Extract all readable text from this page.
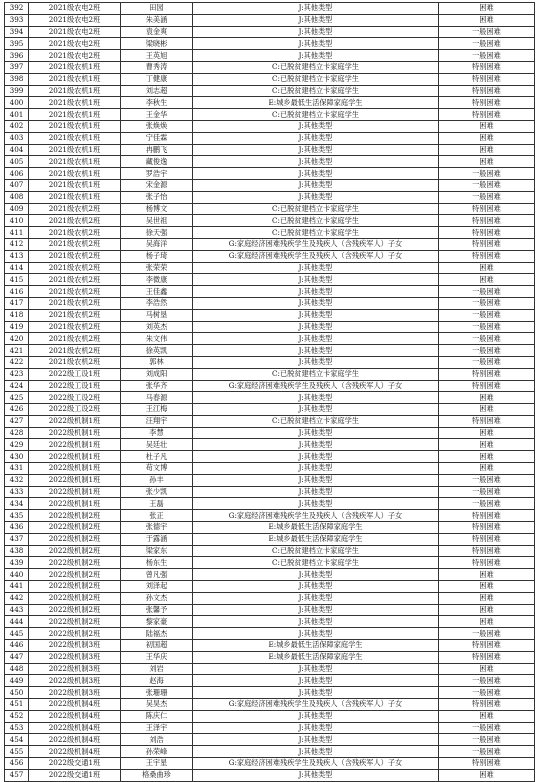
392	2021级农电2班	田园	J:其他类型	困难
393	2021级农电2班	朱美涵	J:其他类型	困难
394	2021级农电2班	袁金爽	J:其他类型	一般困难
395	2021级农电2班	梁晓彬	J:其他类型	一般困难
396	2021级农电2班	王英旭	J:其他类型	一般困难
397	2021级农机1班	曹秀涛	C:已脱贫建档立卡家庭学生	特别困难
398	2021级农机1班	丁健康	C:已脱贫建档立卡家庭学生	特别困难
399	2021级农机1班	刘志超	C:已脱贫建档立卡家庭学生	特别困难
400	2021级农机1班	李秋生	E:城乡最低生活保障家庭学生	特别困难
401	2021级农机1班	王金华	C:已脱贫建档立卡家庭学生	特别困难
402	2021级农机1班	张焕焕	J:其他类型	困难
403	2021级农机1班	宁佳霖	J:其他类型	困难
404	2021级农机1班	冉鹏飞	J:其他类型	困难
405	2021级农机1班	藏俊逸	J:其他类型	困难
406	2021级农机1班	罗浩宇	J:其他类型	一般困难
407	2021级农机1班	宋金源	J:其他类型	一般困难
408	2021级农机1班	张子怡	J:其他类型	一般困难
409	2021级农机2班	杨博文	C:已脱贫建档立卡家庭学生	特别困难
410	2021级农机2班	吴世祖	C:已脱贫建档立卡家庭学生	特别困难
411	2021级农机2班	徐天强	C:已脱贫建档立卡家庭学生	特别困难
412	2021级农机2班	吴海洋	G:家庭经济困难残疾学生及残疾人（含残疾军人）子女	特别困难
413	2021级农机2班	杨子琦	G:家庭经济困难残疾学生及残疾人（含残疾军人）子女	特别困难
414	2021级农机2班	张荣荣	J:其他类型	困难
415	2021级农机2班	李微康	J:其他类型	困难
416	2021级农机2班	王佳鑫	J:其他类型	一般困难
417	2021级农机2班	李浩然	J:其他类型	一般困难
418	2021级农机2班	马树垦	J:其他类型	一般困难
419	2021级农机2班	刘英杰	J:其他类型	一般困难
420	2021级农机2班	朱文伟	J:其他类型	一般困难
421	2021级农机2班	徐英凯	J:其他类型	一般困难
422	2021级农机2班	郭林	J:其他类型	一般困难
423	2022级工设1班	刘成阳	C:已脱贫建档立卡家庭学生	特别困难
424	2022级工设1班	张华齐	G:家庭经济困难残疾学生及残疾人（含残疾军人）子女	特别困难
425	2022级工设2班	马春源	J:其他类型	困难
426	2022级工设2班	王江梅	J:其他类型	困难
427	2022级机制1班	汪翔宇	C:已脱贫建档立卡家庭学生	特别困难
428	2022级机制1班	李慧	J:其他类型	困难
429	2022级机制1班	吴廷壮	J:其他类型	困难
430	2022级机制1班	杜子凡	J:其他类型	困难
431	2022级机制1班	苟文博	J:其他类型	困难
432	2022级机制1班	孙丰	J:其他类型	一般困难
433	2022级机制1班	张少凯	J:其他类型	一般困难
434	2022级机制1班	王磊	J:其他类型	一般困难
435	2022级机制2班	张正	G:家庭经济困难残疾学生及残疾人（含残疾军人）子女	特别困难
436	2022级机制2班	张德宇	E:城乡最低生活保障家庭学生	特别困难
437	2022级机制2班	于露涵	E:城乡最低生活保障家庭学生	特别困难
438	2022级机制2班	梁家东	C:已脱贫建档立卡家庭学生	特别困难
439	2022级机制2班	杨东生	C:已脱贫建档立卡家庭学生	特别困难
440	2022级机制2班	曾凡强	J:其他类型	困难
441	2022级机制2班	刘泽起	J:其他类型	困难
442	2022级机制2班	孙文杰	J:其他类型	困难
443	2022级机制2班	张馨予	J:其他类型	困难
444	2022级机制2班	黎家豪	J:其他类型	困难
445	2022级机制2班	陆福杰	J:其他类型	一般困难
446	2022级机制3班	初国超	E:城乡最低生活保障家庭学生	特别困难
447	2022级机制3班	王华庆	E:城乡最低生活保障家庭学生	特别困难
448	2022级机制3班	刘岩	J:其他类型	困难
449	2022级机制3班	赵海	J:其他类型	一般困难
450	2022级机制3班	张珊珊	J:其他类型	一般困难
451	2022级机制4班	吴昊杰	G:家庭经济困难残疾学生及残疾人（含残疾军人）子女	特别困难
452	2022级机制4班	陈庆仁	J:其他类型	困难
453	2022级机制4班	王泽宇	J:其他类型	一般困难
454	2022级机制4班	刘浩	J:其他类型	一般困难
455	2022级机制4班	孙荣峰	J:其他类型	一般困难
456	2022级交通1班	王宇星	G:家庭经济困难残疾学生及残疾人（含残疾军人）子女	特别困难
457	2022级交通1班	格桑曲珍	J:其他类型	困难
